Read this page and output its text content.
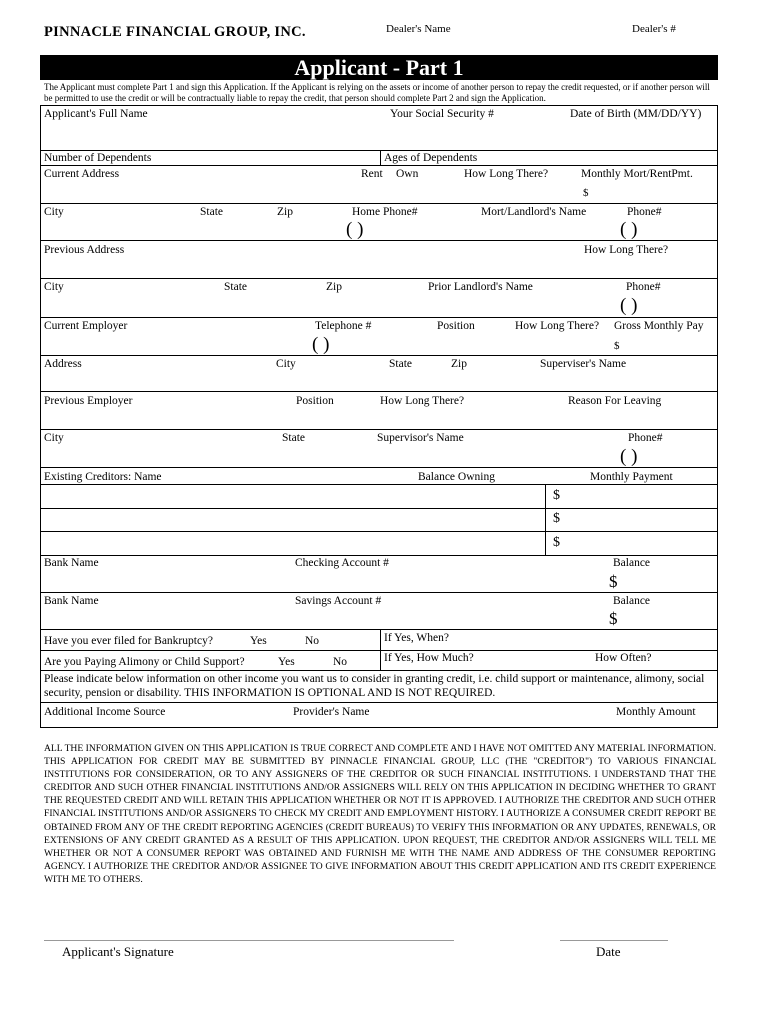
PINNACLE FINANCIAL GROUP, INC.	Dealer's Name	Dealer's #
Applicant - Part 1
The Applicant must complete Part 1 and sign this Application. If the Applicant is relying on the assets or income of another person to repay the credit requested, or if another person will be permitted to use the credit or will be contractually liable to repay the credit, that person should complete Part 2 and sign the Application.
Applicant's Full Name	Your Social Security #	Date of Birth (MM/DD/YY)
Number of Dependents	Ages of Dependents
Current Address	Rent Own	How Long There?	Monthly Mort/RentPmt.
$
City	State	Zip	Home Phone#	Mort/Landlord's Name	Phone#
( )	( )
Previous Address	How Long There?
City	State	Zip	Prior Landlord's Name	Phone#
( )
Current Employer	Telephone #	Position	How Long There? Gross Monthly Pay
( )	$
Address	City	State	Zip	Superviser's Name
Previous Employer	Position	How Long There?	Reason For Leaving
City	State	Supervisor's Name	Phone#
( )
Existing Creditors: Name	Balance Owning	Monthly Payment
$
$
$
Bank Name	Checking Account #	Balance
$
Bank Name	Savings Account #	Balance
$
Have you ever filed for Bankruptcy?	Yes	No	If Yes, When?
Are you Paying Alimony or Child Support?	Yes	No	If Yes, How Much?	How Often?
Please indicate below information on other income you want us to consider in granting credit, i.e. child support or maintenance, alimony, social security, pension or disability. THIS INFORMATION IS OPTIONAL AND IS NOT REQUIRED.
Additional Income Source	Provider's Name	Monthly Amount
ALL THE INFORMATION GIVEN ON THIS APPLICATION IS TRUE CORRECT AND COMPLETE AND I HAVE NOT OMITTED ANY MATERIAL INFORMATION. THIS APPLICATION FOR CREDIT MAY BE SUBMITTED BY PINNACLE FINANCIAL GROUP, LLC (THE "CREDITOR") TO VARIOUS FINANCIAL INSTITUTIONS FOR CONSIDERATION, OR TO ANY ASSIGNERS OF THE CREDITOR OR SUCH FINANCIAL INSTITUTIONS. I UNDERSTAND THAT THE CREDITOR AND SUCH OTHER FINANCIAL INSTITUTIONS AND/OR ASSIGNERS WILL RELY ON THIS APPLICATION IN DECIDING WHETHER TO GRANT THE REQUESTED CREDIT AND WILL RETAIN THIS APPLICATION WHETHER OR NOT IT IS APPROVED. I AUTHORIZE THE CREDITOR AND SUCH OTHER FINANCIAL INSTITUTIONS AND/OR ASSIGNERS TO CHECK MY CREDIT AND EMPLOYMENT HISTORY. I AUTHORIZE A CONSUMER CREDIT REPORT BE OBTAINED FROM ANY OF THE CREDIT REPORTING AGENCIES (CREDIT BUREAUS) TO VERIFY THIS INFORMATION OR ANY UPDATES, RENEWALS, OR EXTENSIONS OF ANY CREDIT GRANTED AS A RESULT OF THIS APPLICATION. UPON REQUEST, THE CREDITOR AND/OR ASSIGNERS WILL TELL ME WHETHER OR NOT A CONSUMER REPORT WAS OBTAINED AND FURNISH ME WITH THE NAME AND ADDRESS OF THE CONSUMER REPORTING AGENCY. I AUTHORIZE THE CREDITOR AND/OR ASSIGNEE TO GIVE INFORMATION ABOUT THIS CREDIT APPLICATION AND ITS CREDIT EXPERIENCE WITH ME TO OTHERS.
Applicant's Signature	Date
